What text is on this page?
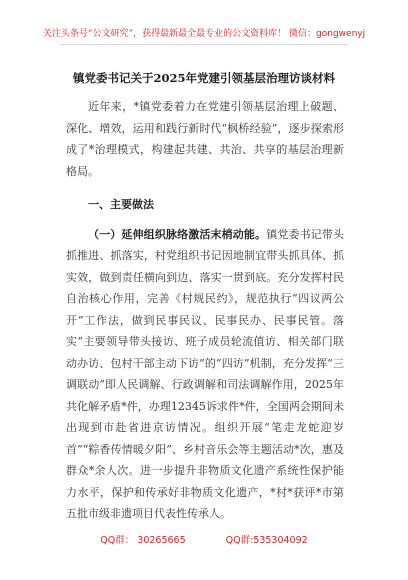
关注头条号“公文研究”，获得最新最全最专业的公文资料库！ 微信：gongwenyj
镇党委书记关于2025年党建引领基层治理访谈材料

近年来，*镇党委着力在党建引领基层治理上破题、深化、增效，运用和践行新时代“枫桥经验”，逐步探索形成了*治理模式，构建起共建、共治、共享的基层治理新格局。

一、主要做法

（一）延伸组织脉络激活末梢动能。镇党委书记带头抓推进、抓落实，村党组织书记因地制宜带头抓具体、抓实效，做到责任横向到边、落实一贯到底。充分发挥村民自治核心作用，完善《村规民约》，规范执行“四议两公开”工作法，做到民事民议、民事民办、民事民管。落实“主要领导带头接访、班子成员轮流值访、相关部门联动办访、包村干部主动下访”的“四访”机制，充分发挥“三调联动”即人民调解、行政调解和司法调解作用，2025年共化解矛盾*件，办理12345诉求件*件，全国两会期间未出现到市赴省进京访情况。组织开展“笔走龙蛇迎岁首”“粽香传情暖夕阳”、乡村音乐会等主题活动*次，惠及群众*余人次。进一步提升非物质文化遗产系统性保护能力水平，保护和传承好非物质文化遗产，*村*获评*市第五批市级非遗项目代表性传承人。

QQ群： 30265665	QQ群:535304092
